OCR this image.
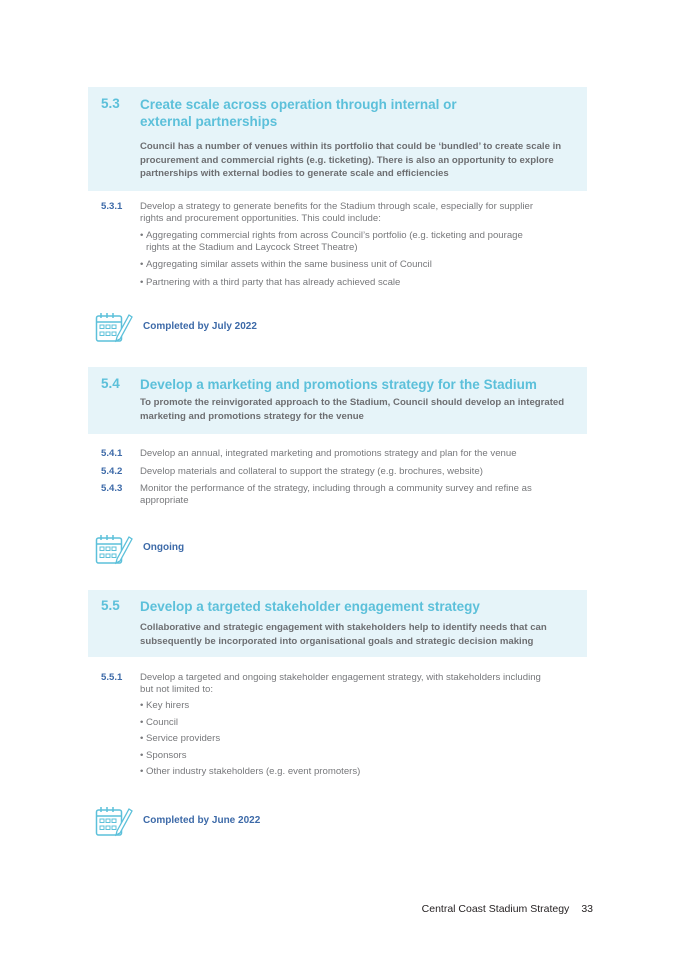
5.3 Create scale across operation through internal or
external partnerships
Council has a number of venues within its portfolio that could be ‘bundled’ to create scale in
procurement and commercial rights (e.g. ticketing). There is also an opportunity to explore
partnerships with external bodies to generate scale and efficiencies
5.3.1 Develop a strategy to generate benefits for the Stadium through scale, especially for supplier
rights and procurement opportunities. This could include:
• Aggregating commercial rights from across Council’s portfolio (e.g. ticketing and pourage
rights at the Stadium and Laycock Street Theatre)
• Aggregating similar assets within the same business unit of Council
• Partnering with a third party that has already achieved scale
Completed by July 2022
5.4 Develop a marketing and promotions strategy for the Stadium
To promote the reinvigorated approach to the Stadium, Council should develop an integrated
marketing and promotions strategy for the venue
5.4.1 Develop an annual, integrated marketing and promotions strategy and plan for the venue
5.4.2 Develop materials and collateral to support the strategy (e.g. brochures, website)
5.4.3 Monitor the performance of the strategy, including through a community survey and refine as
appropriate
Ongoing
5.5 Develop a targeted stakeholder engagement strategy
Collaborative and strategic engagement with stakeholders help to identify needs that can
subsequently be incorporated into organisational goals and strategic decision making
5.5.1 Develop a targeted and ongoing stakeholder engagement strategy, with stakeholders including
but not limited to:
• Key hirers
• Council
• Service providers
• Sponsors
• Other industry stakeholders (e.g. event promoters)
Completed by June 2022
Central Coast Stadium Strategy 33
